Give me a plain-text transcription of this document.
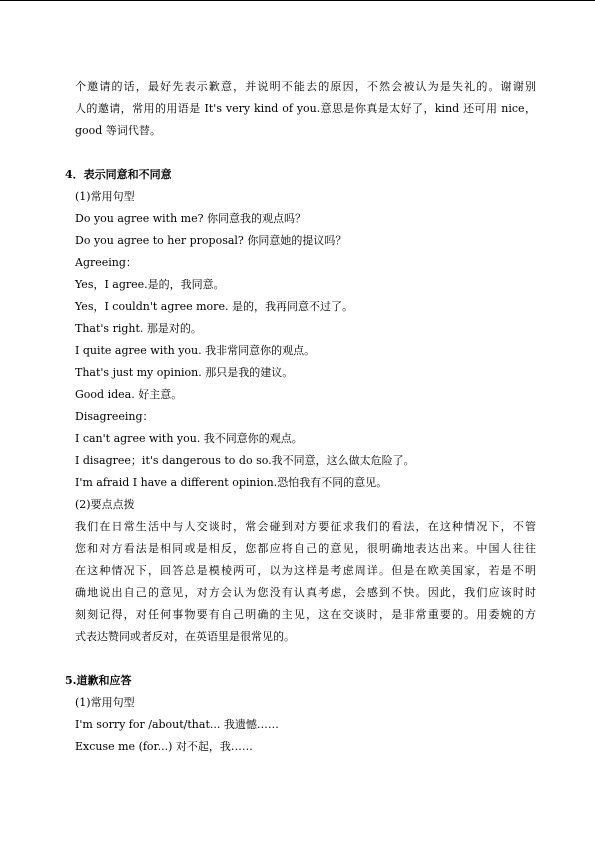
个邀请的话，最好先表示歉意，并说明不能去的原因，不然会被认为是失礼的。谢谢别

人的邀请，常用的用语是 It's very kind of you.意思是你真是太好了，kind 还可用 nice，

good 等词代替。

4．表示同意和不同意

(1)常用句型

Do you agree with me? 你同意我的观点吗？

Do you agree to her proposal? 你同意她的提议吗？

Agreeing：

Yes，I agree.是的，我同意。

Yes，I couldn't agree more. 是的，我再同意不过了。

That's right. 那是对的。

I quite agree with you. 我非常同意你的观点。

That's just my opinion. 那只是我的建议。

Good idea. 好主意。

Disagreeing：

I can't agree with you. 我不同意你的观点。

I disagree；it's dangerous to do so.我不同意，这么做太危险了。

I'm afraid I have a different opinion.恐怕我有不同的意见。

(2)要点点拨

我们在日常生活中与人交谈时，常会碰到对方要征求我们的看法，在这种情况下，不管

您和对方看法是相同或是相反，您都应将自己的意见，很明确地表达出来。中国人往往

在这种情况下，回答总是模棱两可，以为这样是考虑周详。但是在欧美国家，若是不明

确地说出自己的意见，对方会认为您没有认真考虑，会感到不快。因此，我们应该时时

刻刻记得，对任何事物要有自己明确的主见，这在交谈时，是非常重要的。用委婉的方

式表达赞同或者反对，在英语里是很常见的。

5.道歉和应答

(1)常用句型

I'm sorry for /about/that... 我遗憾……

Excuse me (for...) 对不起，我……
